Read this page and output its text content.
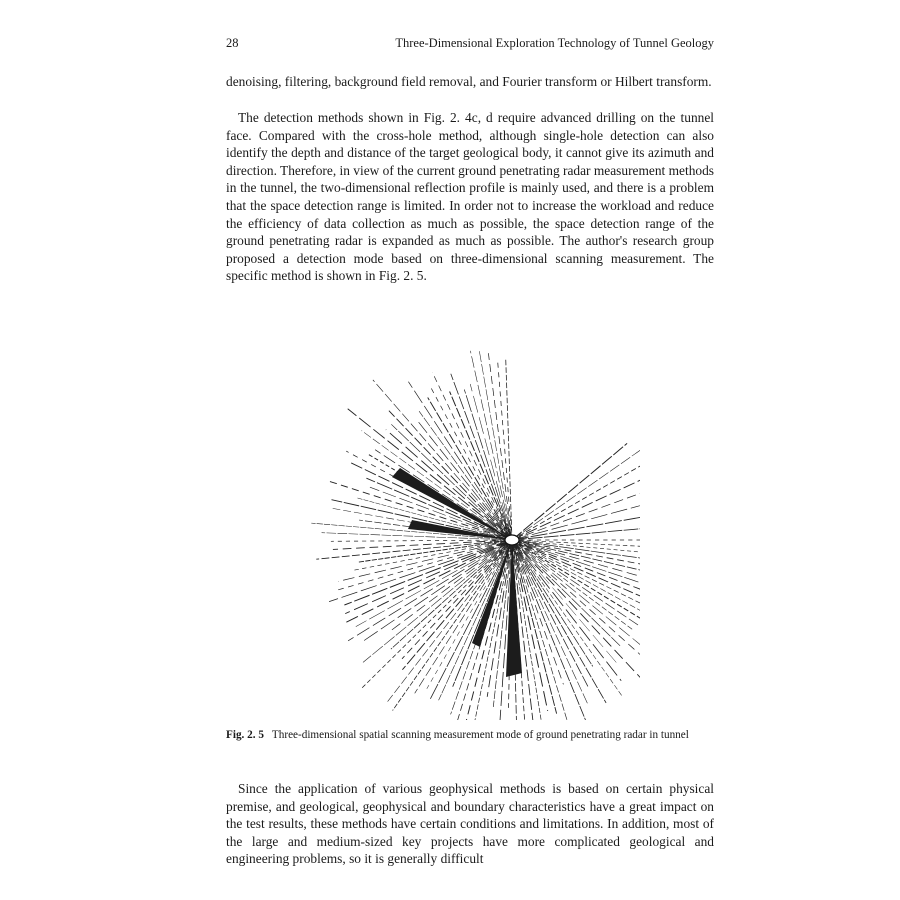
28	Three-Dimensional Exploration Technology of Tunnel Geology

denoising, filtering, background field removal, and Fourier transform or Hilbert transform.

The detection methods shown in Fig. 2. 4c, d require advanced drilling on the tunnel face. Compared with the cross-hole method, although single-hole detection can also identify the depth and distance of the target geological body, it cannot give its azimuth and direction. Therefore, in view of the current ground penetrating radar measurement methods in the tunnel, the two-dimensional reflection profile is mainly used, and there is a problem that the space detection range is limited. In order not to increase the workload and reduce the efficiency of data collection as much as possible, the space detection range of the ground penetrating radar is expanded as much as possible. The author's research group proposed a detection mode based on three-dimensional scanning measurement. The specific method is shown in Fig. 2. 5.

Fig. 2. 5 Three-dimensional spatial scanning measurement mode of ground penetrating radar in tunnel

Since the application of various geophysical methods is based on certain physical premise, and geological, geophysical and boundary characteristics have a great impact on the test results, these methods have certain conditions and limitations. In addition, most of the large and medium-sized key projects have more complicated geological and engineering problems, so it is generally difficult
